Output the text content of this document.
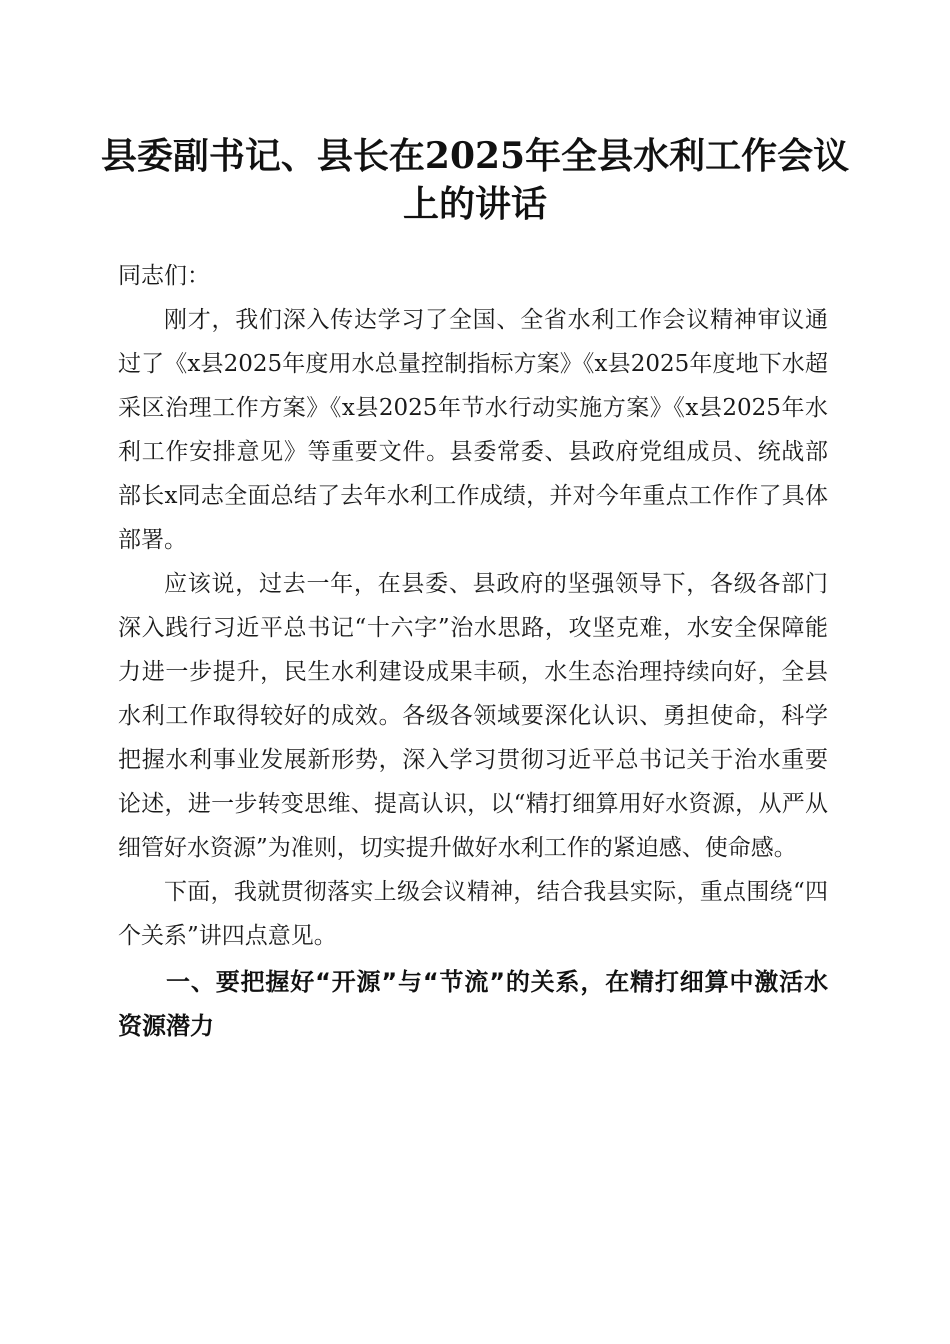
县委副书记、县长在2025年全县水利工作会议上的讲话

同志们：

刚才，我们深入传达学习了全国、全省水利工作会议精神审议通过了《x县2025年度用水总量控制指标方案》《x县2025年度地下水超采区治理工作方案》《x县2025年节水行动实施方案》《x县2025年水利工作安排意见》等重要文件。县委常委、县政府党组成员、统战部部长x同志全面总结了去年水利工作成绩，并对今年重点工作作了具体部署。

应该说，过去一年，在县委、县政府的坚强领导下，各级各部门深入践行习近平总书记“十六字”治水思路，攻坚克难，水安全保障能力进一步提升，民生水利建设成果丰硕，水生态治理持续向好，全县水利工作取得较好的成效。各级各领域要深化认识、勇担使命，科学把握水利事业发展新形势，深入学习贯彻习近平总书记关于治水重要论述，进一步转变思维、提高认识，以“精打细算用好水资源，从严从细管好水资源”为准则，切实提升做好水利工作的紧迫感、使命感。

下面，我就贯彻落实上级会议精神，结合我县实际，重点围绕“四个关系”讲四点意见。

一、要把握好“开源”与“节流”的关系，在精打细算中激活水资源潜力
